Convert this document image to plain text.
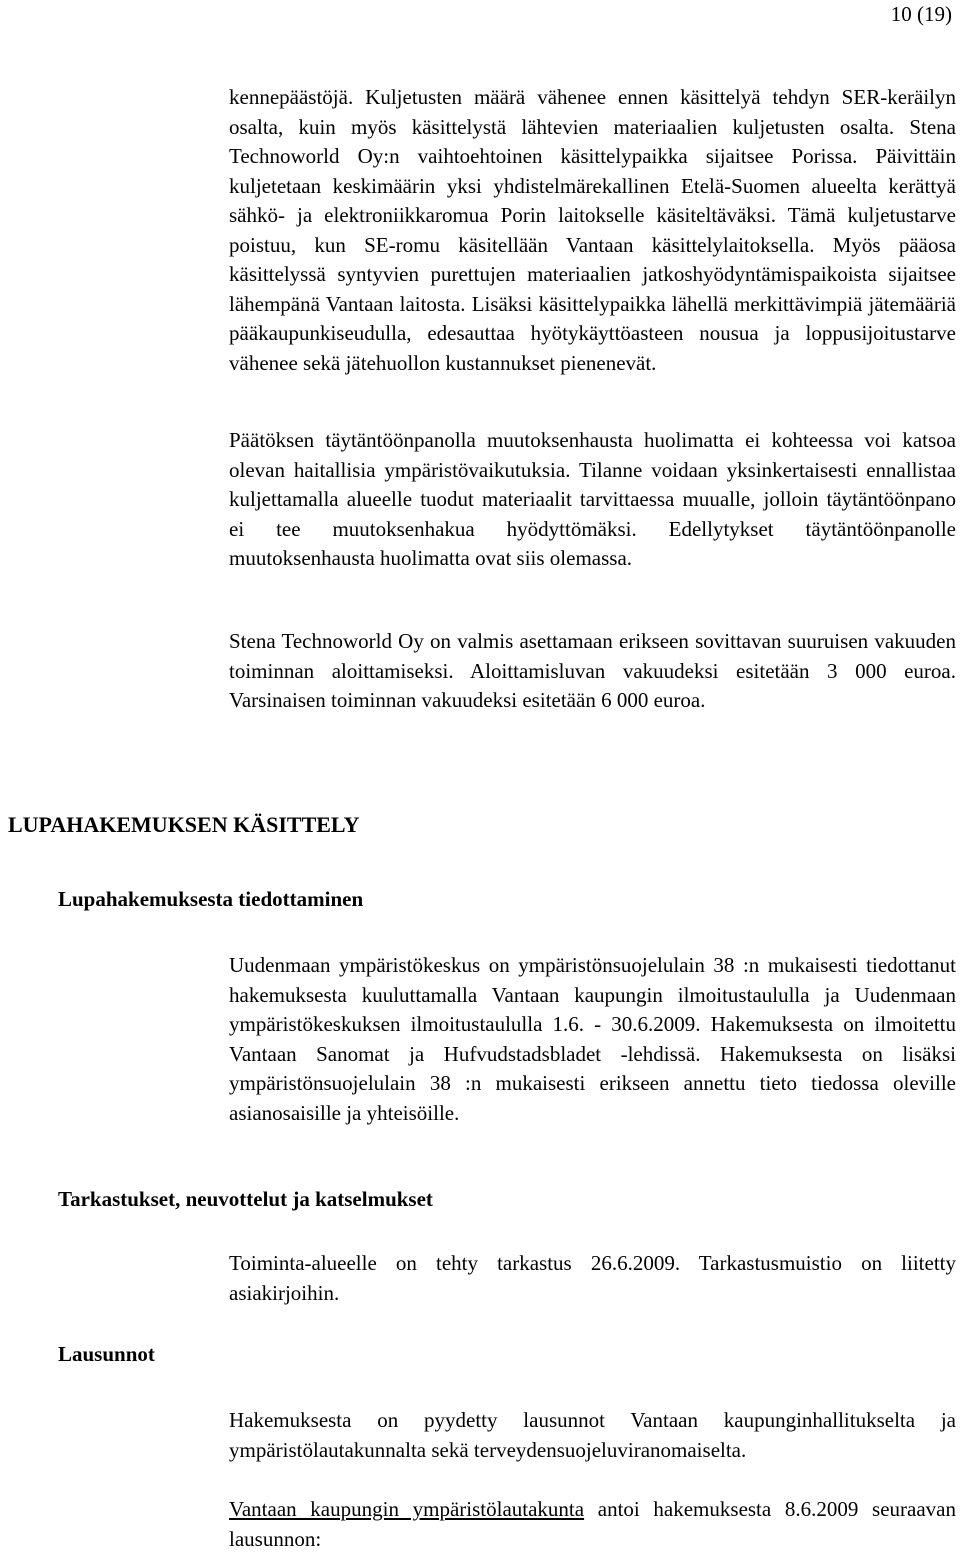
10 (19)

kennepäästöjä. Kuljetusten määrä vähenee ennen käsittelyä tehdyn SER-keräilyn osalta, kuin myös käsittelystä lähtevien materiaalien kuljetusten osalta. Stena Technoworld Oy:n vaihtoehtoinen käsittelypaikka sijaitsee Porissa. Päivittäin kuljetetaan keskimäärin yksi yhdistelmärekallinen Etelä-Suomen alueelta kerättyä sähkö- ja elektroniikkaromua Porin laitokselle käsiteltäväksi. Tämä kuljetustarve poistuu, kun SE-romu käsitellään Vantaan käsittelylaitoksella. Myös pääosa käsittelyssä syntyvien purettujen materiaalien jatkoshyödyntämispaikoista sijaitsee lähempänä Vantaan laitosta. Lisäksi käsittelypaikka lähellä merkittävimpiä jätemääriä pääkaupunkiseudulla, edesauttaa hyötykäyttöasteen nousua ja loppusijoitustarve vähenee sekä jätehuollon kustannukset pienenevät.

Päätöksen täytäntöönpanolla muutoksenhausta huolimatta ei kohteessa voi katsoa olevan haitallisia ympäristövaikutuksia. Tilanne voidaan yksinkertaisesti ennallistaa kuljettamalla alueelle tuodut materiaalit tarvittaessa muualle, jolloin täytäntöönpano ei tee muutoksenhakua hyödyttömäksi. Edellytykset täytäntöönpanolle muutoksenhausta huolimatta ovat siis olemassa.

Stena Technoworld Oy on valmis asettamaan erikseen sovittavan suuruisen vakuuden toiminnan aloittamiseksi. Aloittamisluvan vakuudeksi esitetään 3 000 euroa. Varsinaisen toiminnan vakuudeksi esitetään 6 000 euroa.

LUPAHAKEMUKSEN KÄSITTELY
Lupahakemuksesta tiedottaminen

Uudenmaan ympäristökeskus on ympäristönsuojelulain 38 :n mukaisesti tiedottanut hakemuksesta kuuluttamalla Vantaan kaupungin ilmoitustaululla ja Uudenmaan ympäristökeskuksen ilmoitustaululla 1.6. - 30.6.2009. Hakemuksesta on ilmoitettu Vantaan Sanomat ja Hufvudstadsbladet -lehdissä. Hakemuksesta on lisäksi ympäristönsuojelulain 38 :n mukaisesti erikseen annettu tieto tiedossa oleville asianosaisille ja yhteisöille.

Tarkastukset, neuvottelut ja katselmukset

Toiminta-alueelle on tehty tarkastus 26.6.2009. Tarkastusmuistio on liitetty asiakirjoihin.

Lausunnot

Hakemuksesta on pyydetty lausunnot Vantaan kaupunginhallitukselta ja ympäristölautakunnalta sekä terveydensuojeluviranomaiselta.

Vantaan kaupungin ympäristölautakunta antoi hakemuksesta 8.6.2009 seuraavan lausunnon:
